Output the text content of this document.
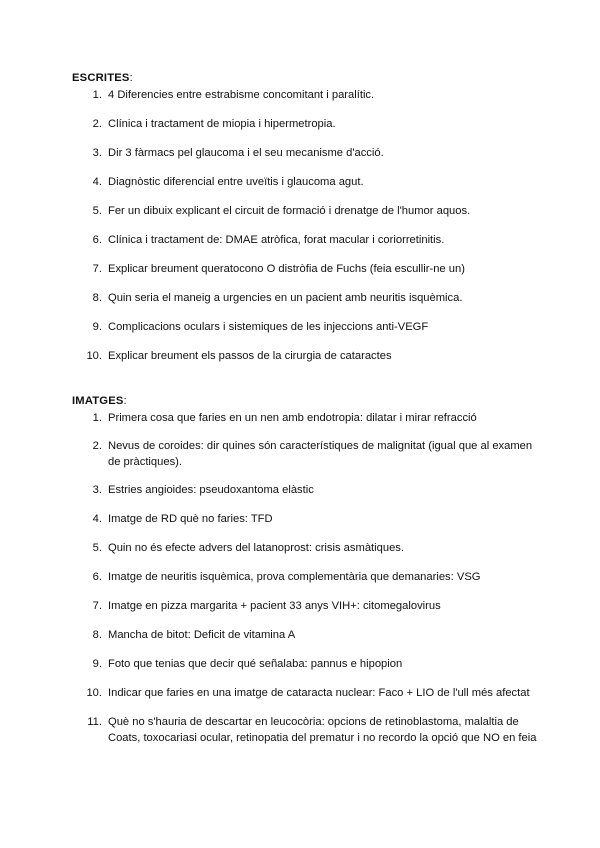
ESCRITES:
1. 4 Diferencies entre estrabisme concomitant i paralític.
2. Clínica i tractament de miopia i hipermetropia.
3. Dir 3 fàrmacs pel glaucoma i el seu mecanisme d'acció.
4. Diagnòstic diferencial entre uveïtis i glaucoma agut.
5. Fer un dibuix explicant el circuit de formació i drenatge de l'humor aquos.
6. Clínica i tractament de: DMAE atròfica, forat macular i coriorretinitis.
7. Explicar breument queratocono O distròfia de Fuchs (feia escullir-ne un)
8. Quin seria el maneig a urgencies en un pacient amb neuritis isquèmica.
9. Complicacions oculars i sistemiques de les injeccions anti-VEGF
10. Explicar breument els passos de la cirurgia de cataractes
IMATGES:
1. Primera cosa que faries en un nen amb endotropia: dilatar i mirar refracció
2. Nevus de coroides: dir quines són característiques de malignitat (igual que al examen de pràctiques).
3. Estries angioides: pseudoxantoma elàstic
4. Imatge de RD què no faries: TFD
5. Quin no és efecte advers del latanoprost: crisis asmàtiques.
6. Imatge de neuritis isquèmica, prova complementària que demanaries: VSG
7. Imatge en pizza margarita + pacient 33 anys VIH+: citomegalovirus
8. Mancha de bitot: Deficit de vitamina A
9. Foto que tenias que decir qué señalaba: pannus e hipopion
10. Indicar que faries en una imatge de cataracta nuclear: Faco + LIO de l'ull més afectat
11. Què no s'hauria de descartar en leucocòria: opcions de retinoblastoma, malaltia de Coats, toxocariasi ocular, retinopatia del prematur i no recordo la opció que NO en feia
